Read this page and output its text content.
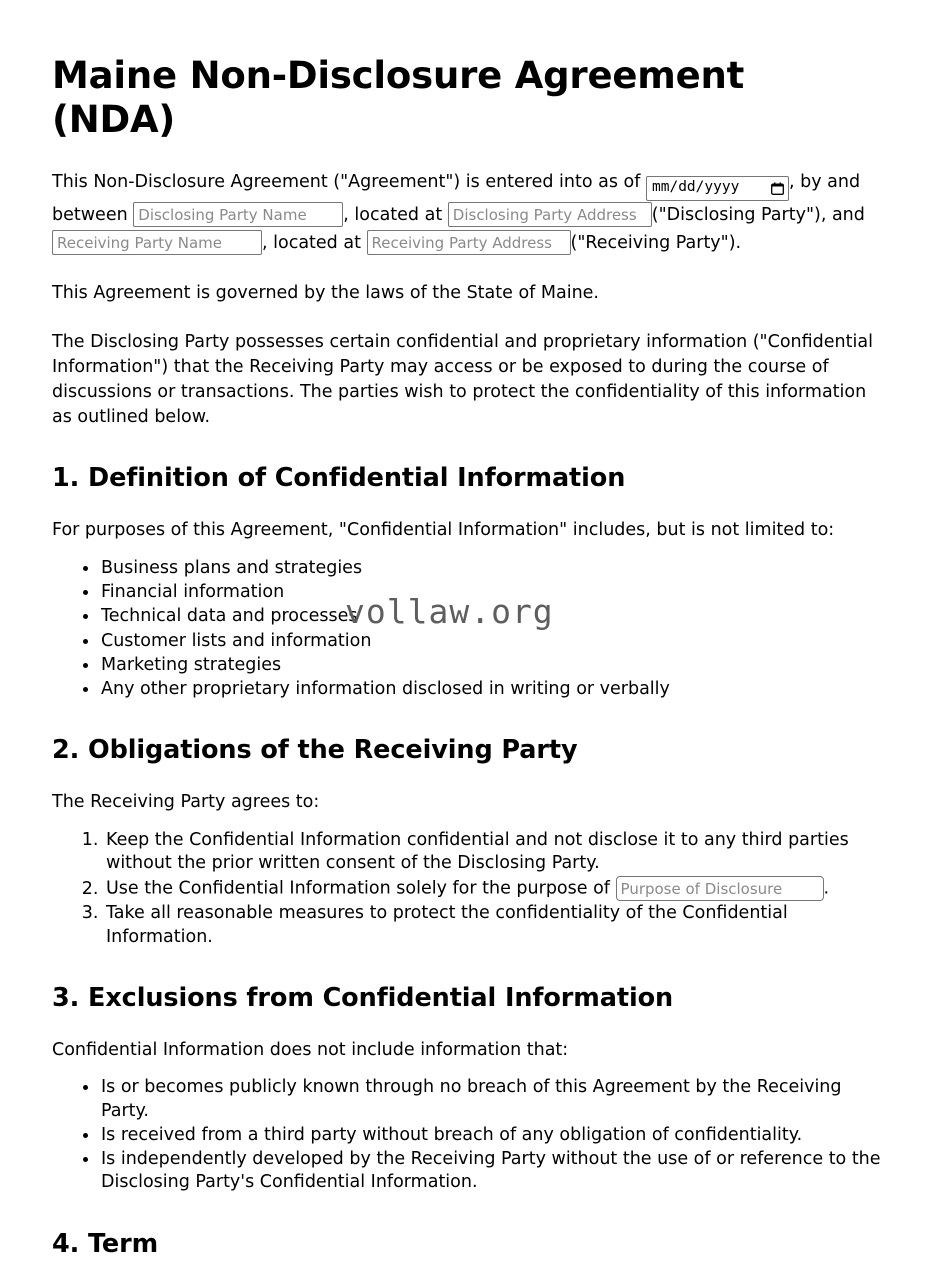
Maine Non-Disclosure Agreement (NDA)

This Non-Disclosure Agreement ("Agreement") is entered into as of mm/dd/yyyy	, by and between Disclosing Party Name	, located at Disclosing Party Address	("Disclosing Party"), and Receiving Party Name, located at Receiving Party Address	("Receiving Party").

This Agreement is governed by the laws of the State of Maine.

The Disclosing Party possesses certain confidential and proprietary information ("Confidential Information") that the Receiving Party may access or be exposed to during the course of discussions or transactions. The parties wish to protect the confidentiality of this information as outlined below.

1. Definition of Confidential Information

For purposes of this Agreement, "Confidential Information" includes, but is not limited to:

• Business plans and strategies
• Financial information
• Technical data and processes
• Customer lists and information
• Marketing strategies
• Any other proprietary information disclosed in writing or verbally
2. Obligations of the Receiving Party

The Receiving Party agrees to:

1. Keep the Confidential Information confidential and not disclose it to any third parties without the prior written consent of the Disclosing Party.
2. Use the Confidential Information solely for the purpose of Purpose of Disclosure	.
3. Take all reasonable measures to protect the confidentiality of the Confidential Information.
3. Exclusions from Confidential Information

Confidential Information does not include information that:

• Is or becomes publicly known through no breach of this Agreement by the Receiving Party.
• Is received from a third party without breach of any obligation of confidentiality.
• Is independently developed by the Receiving Party without the use of or reference to the Disclosing Party's Confidential Information.
4. Term
vollaw.org
